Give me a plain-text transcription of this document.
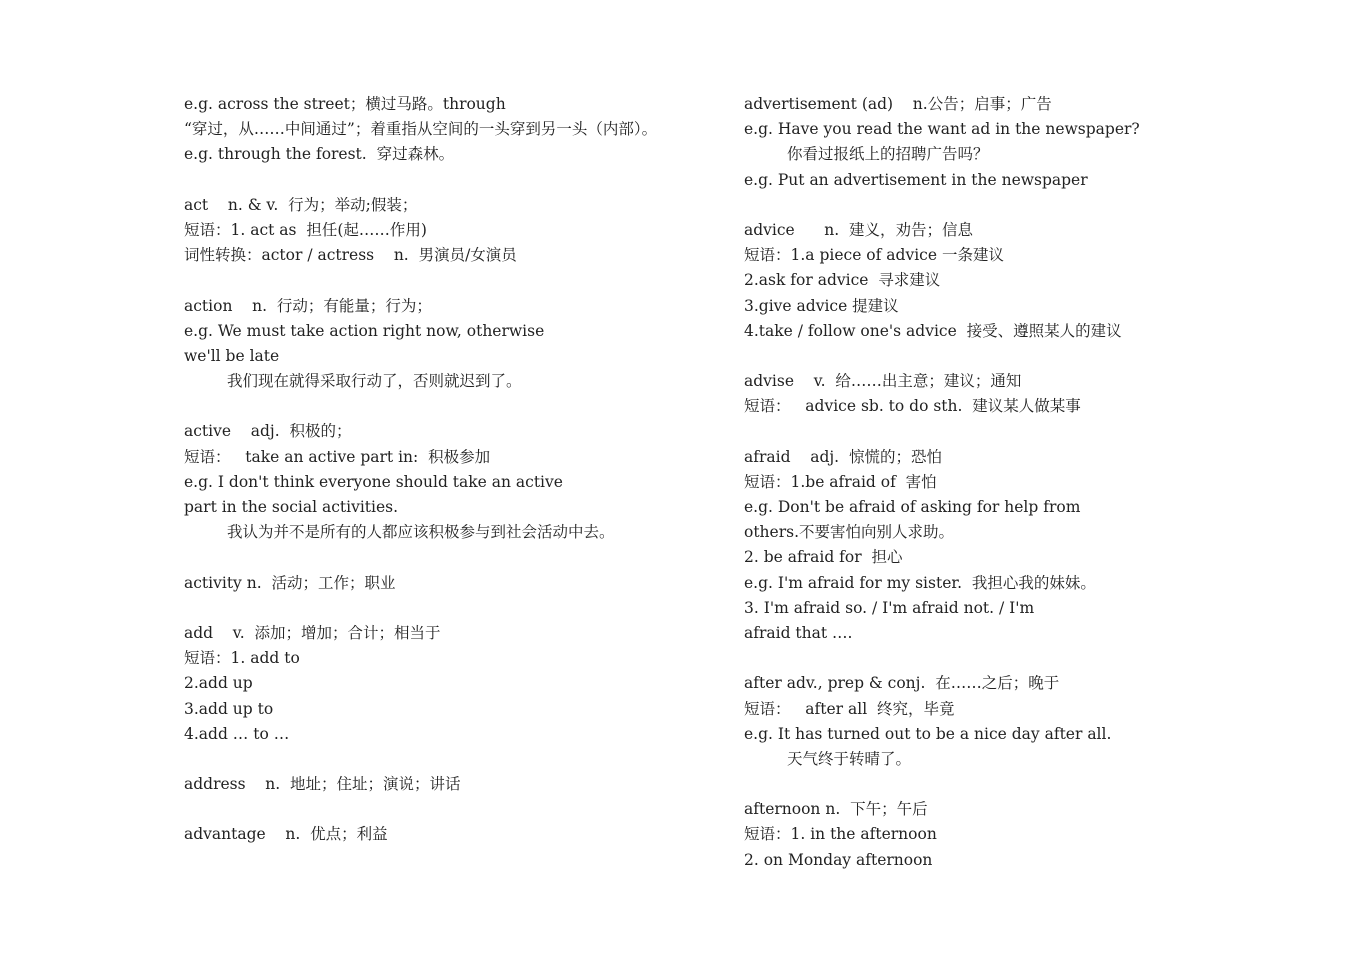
e.g. across the street；横过马路。through
“穿过，从……中间通过”；着重指从空间的一头穿到另一头（内部）。
e.g. through the forest.  穿过森林。
act    n. & v.  行为；举动;假装；
短语：1. act as  担任(起……作用)
词性转换：actor / actress    n.  男演员/女演员
action    n.  行动；有能量；行为；
e.g. We must take action right now, otherwise
we'll be late
我们现在就得采取行动了，否则就迟到了。
active    adj.  积极的；
短语：   take an active part in:  积极参加
e.g. I don't think everyone should take an active
part in the social activities.
我认为并不是所有的人都应该积极参与到社会活动中去。
activity n.  活动；工作；职业
add    v.  添加；增加；合计；相当于
短语：1. add to
2.add up
3.add up to
4.add … to …
address    n.  地址；住址；演说；讲话
advantage    n.  优点；利益
advertisement (ad)    n.公告；启事；广告
e.g. Have you read the want ad in the newspaper?
你看过报纸上的招聘广告吗？
e.g. Put an advertisement in the newspaper
advice      n.  建义，劝告；信息
短语：1.a piece of advice 一条建议
2.ask for advice  寻求建议
3.give advice 提建议
4.take / follow one's advice  接受、遵照某人的建议
advise    v.  给……出主意；建议；通知
短语：   advice sb. to do sth.  建议某人做某事
afraid    adj.  惊慌的；恐怕
短语：1.be afraid of  害怕
e.g. Don't be afraid of asking for help from
others.不要害怕向别人求助。
2. be afraid for  担心
e.g. I'm afraid for my sister.  我担心我的妹妹。
3. I'm afraid so. / I'm afraid not. / I'm
afraid that ….
after adv., prep & conj.  在……之后；晚于
短语：   after all  终究，毕竟
e.g. It has turned out to be a nice day after all.
天气终于转晴了。
afternoon n.  下午；午后
短语：1. in the afternoon
2. on Monday afternoon
